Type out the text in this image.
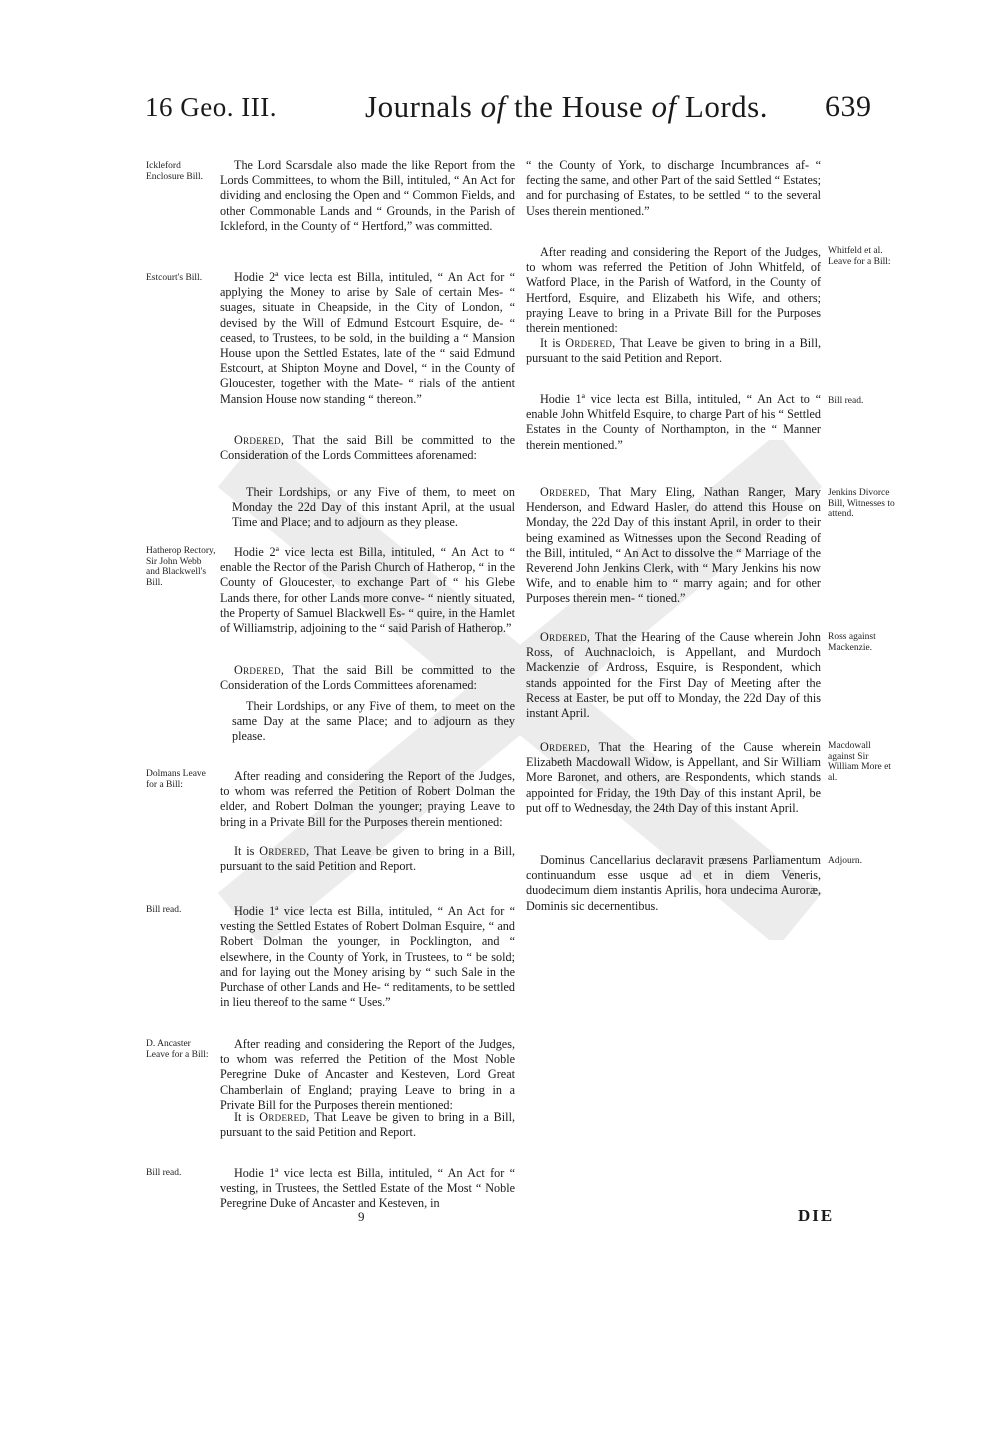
16 Geo. III.	Journals of the House of Lords. 639
Ickleford Enclosure Bill.
Estcourt's Bill.
Hatherop Rectory, Sir John Webb and Blackwell's Bill.
Dolmans Leave for a Bill:
Bill read.
D. Ancaster Leave for a Bill:
Bill read.
Whitfeld et al. Leave for a Bill:
Bill read.
Jenkins Divorce Bill, Witnesses to attend.
Ross against Mackenzie.
Macdowall against Sir William More et al.
Adjourn.

The Lord Scarsdale also made the like Report from the Lords Committees, to whom the Bill, intituled, “ An Act for dividing and enclosing the Open and “ Common Fields, and other Commonable Lands and “ Grounds, in the Parish of Ickleford, in the County of “ Hertford,” was committed.

Hodie 2ª vice lecta est Billa, intituled, “ An Act for “ applying the Money to arise by Sale of certain Mes- “ suages, situate in Cheapside, in the City of London, “ devised by the Will of Edmund Estcourt Esquire, de- “ ceased, to Trustees, to be sold, in the building a “ Mansion House upon the Settled Estates, late of the “ said Edmund Estcourt, at Shipton Moyne and Dovel, “ in the County of Gloucester, together with the Mate- “ rials of the antient Mansion House now standing “ thereon.”

Ordered, That the said Bill be committed to the Consideration of the Lords Committees aforenamed:

Their Lordships, or any Five of them, to meet on Monday the 22d Day of this instant April, at the usual Time and Place; and to adjourn as they please.

Hodie 2ª vice lecta est Billa, intituled, “ An Act to “ enable the Rector of the Parish Church of Hatherop, “ in the County of Gloucester, to exchange Part of “ his Glebe Lands there, for other Lands more conve- “ niently situated, the Property of Samuel Blackwell Es- “ quire, in the Hamlet of Williamstrip, adjoining to the “ said Parish of Hatherop.”

Ordered, That the said Bill be committed to the Consideration of the Lords Committees aforenamed:

Their Lordships, or any Five of them, to meet on the same Day at the same Place; and to adjourn as they please.

After reading and considering the Report of the Judges, to whom was referred the Petition of Robert Dolman the elder, and Robert Dolman the younger; praying Leave to bring in a Private Bill for the Purposes therein mentioned:

It is Ordered, That Leave be given to bring in a Bill, pursuant to the said Petition and Report.

Hodie 1ª vice lecta est Billa, intituled, “ An Act for “ vesting the Settled Estates of Robert Dolman Esquire, “ and Robert Dolman the younger, in Pocklington, and “ elsewhere, in the County of York, in Trustees, to “ be sold; and for laying out the Money arising by “ such Sale in the Purchase of other Lands and He- “ reditaments, to be settled in lieu thereof to the same “ Uses.”

After reading and considering the Report of the Judges, to whom was referred the Petition of the Most Noble Peregrine Duke of Ancaster and Kesteven, Lord Great Chamberlain of England; praying Leave to bring in a Private Bill for the Purposes therein mentioned:

It is Ordered, That Leave be given to bring in a Bill, pursuant to the said Petition and Report.

Hodie 1ª vice lecta est Billa, intituled, “ An Act for “ vesting, in Trustees, the Settled Estate of the Most “ Noble Peregrine Duke of Ancaster and Kesteven, in

“ the County of York, to discharge Incumbrances af- “ fecting the same, and other Part of the said Settled “ Estates; and for purchasing of Estates, to be settled “ to the several Uses therein mentioned.”

After reading and considering the Report of the Judges, to whom was referred the Petition of John Whitfeld, of Watford Place, in the Parish of Watford, in the County of Hertford, Esquire, and Elizabeth his Wife, and others; praying Leave to bring in a Private Bill for the Purposes therein mentioned:

It is Ordered, That Leave be given to bring in a Bill, pursuant to the said Petition and Report.

Hodie 1ª vice lecta est Billa, intituled, “ An Act to “ enable John Whitfeld Esquire, to charge Part of his “ Settled Estates in the County of Northampton, in the “ Manner therein mentioned.”

Ordered, That Mary Eling, Nathan Ranger, Mary Henderson, and Edward Hasler, do attend this House on Monday, the 22d Day of this instant April, in order to their being examined as Witnesses upon the Second Reading of the Bill, intituled, “ An Act to dissolve the “ Marriage of the Reverend John Jenkins Clerk, with “ Mary Jenkins his now Wife, and to enable him to “ marry again; and for other Purposes therein men- “ tioned.”

Ordered, That the Hearing of the Cause wherein John Ross, of Auchnacloich, is Appellant, and Murdoch Mackenzie of Ardross, Esquire, is Respondent, which stands appointed for the First Day of Meeting after the Recess at Easter, be put off to Monday, the 22d Day of this instant April.

Ordered, That the Hearing of the Cause wherein Elizabeth Macdowall Widow, is Appellant, and Sir William More Baronet, and others, are Respondents, which stands appointed for Friday, the 19th Day of this instant April, be put off to Wednesday, the 24th Day of this instant April.

Dominus Cancellarius declaravit præsens Parliamentum continuandum esse usque ad et in diem Veneris, duodecimum diem instantis Aprilis, hora undecima Auroræ, Dominis sic decernentibus.

9	DIE
